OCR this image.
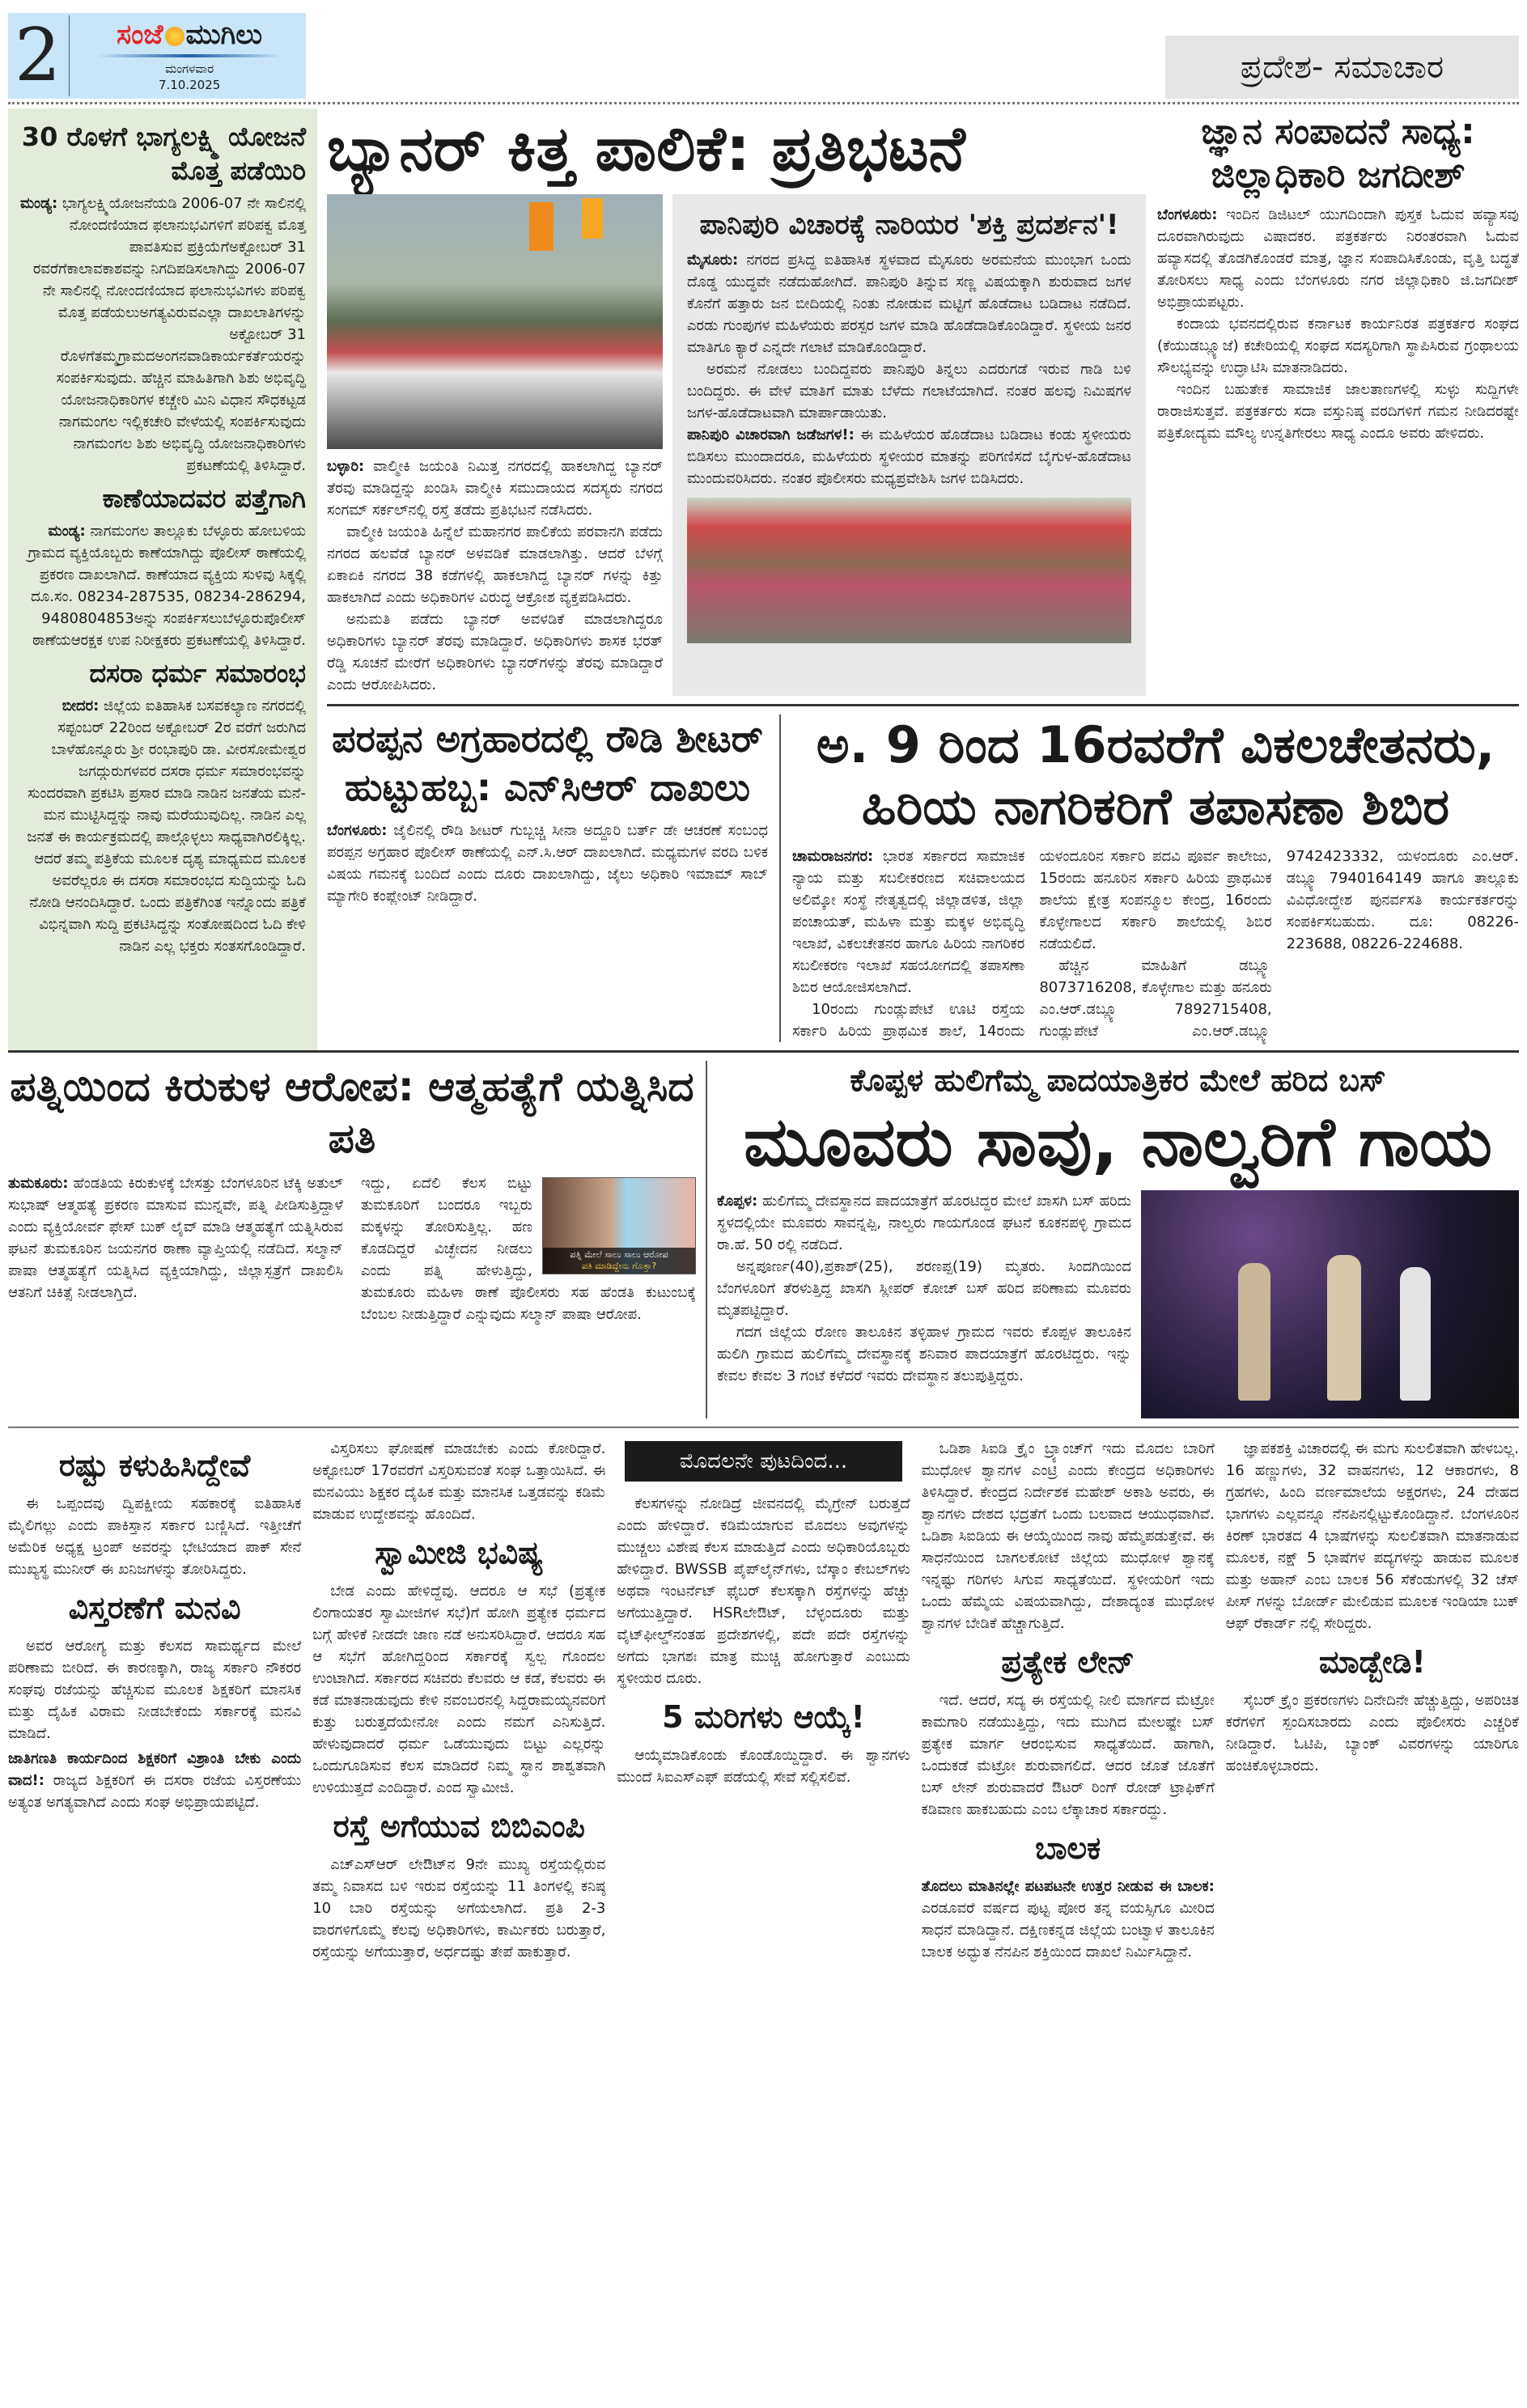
2	ಸಂಜೆ ಮುಗಿಲು
ಮಂಗಳವಾರ
7.10.2025	ಪ್ರದೇಶ- ಸಮಾಚಾರ
30 ರೊಳಗೆ ಭಾಗ್ಯಲಕ್ಷ್ಮಿ ಯೋಜನೆ ಮೊತ್ತ ಪಡೆಯಿರಿ

ಮಂಡ್ಯ: ಭಾಗ್ಯಲಕ್ಷ್ಮಿಯೋಜನೆಯಡಿ 2006-07 ನೇ ಸಾಲಿನಲ್ಲಿ ನೋಂದಣಿಯಾದ ಫಲಾನುಭವಿಗಳಿಗೆ ಪರಿಪಕ್ವ ಮೊತ್ತ ಪಾವತಿಸುವ ಪ್ರಕ್ರಿಯೆಗೆಅಕ್ಟೋಬರ್ 31 ರವರೆಗೆಕಾಲಾವಕಾಶವನ್ನು ನಿಗದಿಪಡಿಸಲಾಗಿದ್ದು 2006-07 ನೇ ಸಾಲಿನಲ್ಲಿ ನೋಂದಣಿಯಾದ ಫಲಾನುಭವಿಗಳು ಪರಿಪಕ್ವ ಮೊತ್ತ ಪಡೆಯಲುಅಗತ್ಯವಿರುವಎಲ್ಲಾ ದಾಖಲಾತಿಗಳನ್ನು ಅಕ್ಟೋಬರ್ 31 ರೊಳಗೆತಮ್ಮಗ್ರಾಮದಅಂಗನವಾಡಿಕಾರ್ಯಕರ್ತೆಯರನ್ನು ಸಂಪರ್ಕಿಸುವುದು. ಹೆಚ್ಚಿನ ಮಾಹಿತಿಗಾಗಿ ಶಿಶು ಅಭಿವೃದ್ಧಿ ಯೋಜನಾಧಿಕಾರಿಗಳ ಕಚ್ಚೇರಿ ಮಿನಿ ವಿಧಾನ ಸೌಧಕಟ್ಟಡ ನಾಗಮಂಗಲ ಇಲ್ಲಿಕಚೇರಿ ವೇಳೆಯಲ್ಲಿ ಸಂಪರ್ಕಿಸುವುದು ನಾಗಮಂಗಲ ಶಿಶು ಅಭಿವೃದ್ಧಿ ಯೋಜನಾಧಿಕಾರಿಗಳು ಪ್ರಕಟಣೆಯಲ್ಲಿ ತಿಳಿಸಿದ್ದಾರೆ.

ಕಾಣೆಯಾದವರ ಪತ್ತೆಗಾಗಿ

ಮಂಡ್ಯ: ನಾಗಮಂಗಲ ತಾಲ್ಲೂಕು ಬೆಳ್ಳೂರು ಹೋಬಳಿಯ ಗ್ರಾಮದ ವ್ಯಕ್ತಿಯೊಬ್ಬರು ಕಾಣೆಯಾಗಿದ್ದು ಪೊಲೀಸ್ ಠಾಣೆಯಲ್ಲಿ ಪ್ರಕರಣ ದಾಖಲಾಗಿದೆ. ಕಾಣೆಯಾದ ವ್ಯಕ್ತಿಯ ಸುಳಿವು ಸಿಕ್ಕಲ್ಲಿ ದೂ.ಸಂ. 08234-287535, 08234-286294, 9480804853ಅನ್ನು ಸಂಪರ್ಕಿಸಲುಬೆಳ್ಳೂರುಪೊಲೀಸ್ ಠಾಣೆಯಆರಕ್ಷಕ ಉಪ ನಿರೀಕ್ಷಕರು ಪ್ರಕಟಣೆಯಲ್ಲಿ ತಿಳಿಸಿದ್ದಾರೆ.

ದಸರಾ ಧರ್ಮ ಸಮಾರಂಭ

ಬೀದರ: ಜಿಲ್ಲೆಯ ಐತಿಹಾಸಿಕ ಬಸವಕಲ್ಯಾಣ ನಗರದಲ್ಲಿ ಸಪ್ಟಂಬರ್ 22ರಿಂದ ಅಕ್ಟೋಬರ್ 2ರ ವರೆಗೆ ಜರುಗಿದ ಬಾಳೆಹೊನ್ನೂರು ಶ್ರೀ ರಂಭಾಪುರಿ ಡಾ. ವೀರಸೋಮೇಶ್ವರ ಜಗದ್ಗುರುಗಳವರ ದಸರಾ ಧರ್ಮ ಸಮಾರಂಭವನ್ನು ಸುಂದರವಾಗಿ ಪ್ರಕಟಿಸಿ ಪ್ರಸಾರ ಮಾಡಿ ನಾಡಿನ ಜನತೆಯ ಮನೆ-ಮನ ಮುಟ್ಟಿಸಿದ್ದನ್ನು ನಾವು ಮರೆಯುವುದಿಲ್ಲ. ನಾಡಿನ ಎಲ್ಲ ಜನತೆ ಈ ಕಾರ್ಯಕ್ರಮದಲ್ಲಿ ಪಾಲ್ಗೊಳ್ಳಲು ಸಾಧ್ಯವಾಗಿರಲಿಕ್ಕಿಲ್ಲ. ಆದರೆ ತಮ್ಮ ಪತ್ರಿಕೆಯ ಮೂಲಕ ದೃಶ್ಯ ಮಾಧ್ಯಮದ ಮೂಲಕ ಅವರೆಲ್ಲರೂ ಈ ದಸರಾ ಸಮಾರಂಭದ ಸುದ್ದಿಯನ್ನು ಓದಿ ನೋಡಿ ಆನಂದಿಸಿದ್ದಾರೆ. ಒಂದು ಪತ್ರಿಕೆಗಿಂತ ಇನ್ನೊಂದು ಪತ್ರಿಕೆ ವಿಭಿನ್ನವಾಗಿ ಸುದ್ದಿ ಪ್ರಕಟಿಸಿದ್ದನ್ನು ಸಂತೋಷದಿಂದ ಓದಿ ಕೇಳಿ ನಾಡಿನ ಎಲ್ಲ ಭಕ್ತರು ಸಂತಸಗೊಂಡಿದ್ದಾರೆ.

ಬ್ಯಾನರ್ ಕಿತ್ತ ಪಾಲಿಕೆ: ಪ್ರತಿಭಟನೆ

ಬಳ್ಳಾರಿ: ವಾಲ್ಮೀಕಿ ಜಯಂತಿ ನಿಮಿತ್ತ ನಗರದಲ್ಲಿ ಹಾಕಲಾಗಿದ್ದ ಬ್ಯಾನರ್ ತೆರವು ಮಾಡಿದ್ದನ್ನು ಖಂಡಿಸಿ ವಾಲ್ಮೀಕಿ ಸಮುದಾಯದ ಸದಸ್ಯರು ನಗರದ ಸಂಗಮ್ ಸರ್ಕಲ್‌ನಲ್ಲಿ ರಸ್ತೆ ತಡೆದು ಪ್ರತಿಭಟನೆ ನಡೆಸಿದರು.

ವಾಲ್ಮೀಕಿ ಜಯಂತಿ ಹಿನ್ನೆಲೆ ಮಹಾನಗರ ಪಾಲಿಕೆಯ ಪರವಾನಗಿ ಪಡೆದು ನಗರದ ಹಲವೆಡೆ ಬ್ಯಾನರ್ ಅಳವಡಿಕೆ ಮಾಡಲಾಗಿತ್ತು. ಆದರೆ ಬೆಳಗ್ಗೆ ಏಕಾಏಕಿ ನಗರದ 38 ಕಡೆಗಳಲ್ಲಿ ಹಾಕಲಾಗಿದ್ದ ಬ್ಯಾನರ್ ಗಳನ್ನು ಕಿತ್ತು ಹಾಕಲಾಗಿದೆ ಎಂದು ಅಧಿಕಾರಿಗಳ ವಿರುದ್ಧ ಆಕ್ರೋಶ ವ್ಯಕ್ತಪಡಿಸಿದರು.

ಅನುಮತಿ ಪಡೆದು ಬ್ಯಾನರ್ ಅವಳಡಿಕೆ ಮಾಡಲಾಗಿದ್ದರೂ ಅಧಿಕಾರಿಗಳು ಬ್ಯಾನರ್ ತೆರವು ಮಾಡಿದ್ದಾರೆ. ಅಧಿಕಾರಿಗಳು ಶಾಸಕ ಭರತ್ ರೆಡ್ಡಿ ಸೂಚನೆ ಮೇರೆಗೆ ಅಧಿಕಾರಿಗಳು ಬ್ಯಾನರ್‌ಗಳನ್ನು ತೆರವು ಮಾಡಿದ್ದಾರೆ ಎಂದು ಆರೋಪಿಸಿದರು.

ಪಾನಿಪುರಿ ವಿಚಾರಕ್ಕೆ ನಾರಿಯರ 'ಶಕ್ತಿ ಪ್ರದರ್ಶನ'!

ಮೈಸೂರು: ನಗರದ ಪ್ರಸಿದ್ಧ ಐತಿಹಾಸಿಕ ಸ್ಥಳವಾದ ಮೈಸೂರು ಅರಮನೆಯ ಮುಂಭಾಗ ಒಂದು ದೊಡ್ಡ ಯುದ್ಧವೇ ನಡೆದುಹೋಗಿದೆ. ಪಾನಿಪುರಿ ತಿನ್ನುವ ಸಣ್ಣ ವಿಷಯಕ್ಕಾಗಿ ಶುರುವಾದ ಜಗಳ ಕೊನೆಗೆ ಹತ್ತಾರು ಜನ ಬೀದಿಯಲ್ಲಿ ನಿಂತು ನೋಡುವ ಮಟ್ಟಿಗೆ ಹೊಡೆದಾಟ ಬಡಿದಾಟ ನಡೆದಿದೆ. ಎರಡು ಗುಂಪುಗಳ ಮಹಿಳೆಯರು ಪರಸ್ಪರ ಜಗಳ ಮಾಡಿ ಹೊಡೆದಾಡಿಕೊಂಡಿದ್ದಾರೆ. ಸ್ಥಳೀಯ ಜನರ ಮಾತಿಗೂ ಕ್ಯಾರೆ ಎನ್ನದೇ ಗಲಾಟೆ ಮಾಡಿಕೊಂಡಿದ್ದಾರೆ.

ಅರಮನೆ ನೋಡಲು ಬಂದಿದ್ದವರು ಪಾನಿಪುರಿ ತಿನ್ನಲು ಎದರುಗಡೆ ಇರುವ ಗಾಡಿ ಬಳಿ ಬಂದಿದ್ದರು. ಈ ವೇಳೆ ಮಾತಿಗೆ ಮಾತು ಬೆಳೆದು ಗಲಾಟೆಯಾಗಿದೆ. ನಂತರ ಹಲವು ನಿಮಿಷಗಳ ಜಗಳ-ಹೊಡೆದಾಟವಾಗಿ ಮಾರ್ಪಾಡಾಯಿತು.

ಪಾನಿಪುರಿ ವಿಚಾರವಾಗಿ ಜಡೆಜಗಳ!: ಈ ಮಹಿಳೆಯರ ಹೊಡೆದಾಟ ಬಡಿದಾಟ ಕಂಡು ಸ್ಥಳೀಯರು ಬಿಡಿಸಲು ಮುಂದಾದರೂ, ಮಹಿಳೆಯರು ಸ್ಥಳೀಯರ ಮಾತನ್ನು ಪರಿಗಣಿಸದೆ ಬೈಗುಳ-ಹೊಡೆದಾಟ ಮುಂದುವರಿಸಿದರು. ನಂತರ ಪೊಲೀಸರು ಮಧ್ಯಪ್ರವೇಶಿಸಿ ಜಗಳ ಬಿಡಿಸಿದರು.

ಜ್ಞಾನ ಸಂಪಾದನೆ ಸಾಧ್ಯ: ಜಿಲ್ಲಾಧಿಕಾರಿ ಜಗದೀಶ್

ಬೆಂಗಳೂರು: ಇಂದಿನ ಡಿಜಿಟಲ್ ಯುಗದಿಂದಾಗಿ ಪುಸ್ತಕ ಓದುವ ಹವ್ಯಾಸವು ದೂರವಾಗಿರುವುದು ವಿಷಾದಕರ. ಪತ್ರಕರ್ತರು ನಿರಂತರವಾಗಿ ಓದುವ ಹವ್ಯಾಸದಲ್ಲಿ ತೊಡಗಿಕೊಂಡರೆ ಮಾತ್ರ, ಜ್ಞಾನ ಸಂಪಾದಿಸಿಕೊಂಡು, ವೃತ್ತಿ ಬದ್ಧತೆ ತೋರಿಸಲು ಸಾಧ್ಯ ಎಂದು ಬೆಂಗಳೂರು ನಗರ ಜಿಲ್ಲಾಧಿಕಾರಿ ಜಿ.ಜಗದೀಶ್ ಅಭಿಪ್ರಾಯಪಟ್ಟರು.

ಕಂದಾಯ ಭವನದಲ್ಲಿರುವ ಕರ್ನಾಟಕ ಕಾರ್ಯನಿರತ ಪತ್ರಕರ್ತರ ಸಂಘದ (ಕೆಯುಡಬ್ಲ್ಯೂಜೆ) ಕಚೇರಿಯಲ್ಲಿ ಸಂಘದ ಸದಸ್ಯರಿಗಾಗಿ ಸ್ಥಾಪಿಸಿರುವ ಗ್ರಂಥಾಲಯ ಸೌಲಭ್ಯವನ್ನು ಉದ್ಘಾಟಿಸಿ ಮಾತನಾಡಿದರು.

ಇಂದಿನ ಬಹುತೇಕ ಸಾಮಾಜಿಕ ಜಾಲತಾಣಗಳಲ್ಲಿ ಸುಳ್ಳು ಸುದ್ದಿಗಳೇ ರಾರಾಜಿಸುತ್ತವೆ. ಪತ್ರಕರ್ತರು ಸದಾ ವಸ್ತುನಿಷ್ಠ ವರದಿಗಳಿಗೆ ಗಮನ ನೀಡಿದರಷ್ಟೇ ಪತ್ರಿಕೋದ್ಯಮ ಮೌಲ್ಯ ಉನ್ನತಿಗೇರಲು ಸಾಧ್ಯ ಎಂದೂ ಅವರು ಹೇಳಿದರು.

ಪರಪ್ಪನ ಅಗ್ರಹಾರದಲ್ಲಿ ರೌಡಿ ಶೀಟರ್ ಹುಟ್ಟುಹಬ್ಬ: ಎನ್‌ಸಿಆರ್ ದಾಖಲು

ಬೆಂಗಳೂರು: ಜೈಲಿನಲ್ಲಿ ರೌಡಿ ಶೀಟರ್ ಗುಬ್ಬಚ್ಚಿ ಸೀನಾ ಅದ್ದೂರಿ ಬರ್ತ್ ಡೇ ಆಚರಣೆ ಸಂಬಂಧ ಪರಪ್ಪನ ಅಗ್ರಹಾರ ಪೊಲೀಸ್ ಠಾಣೆಯಲ್ಲಿ ಎನ್.ಸಿ.ಆರ್ ದಾಖಲಾಗಿದೆ. ಮಧ್ಯಮಗಳ ವರದಿ ಬಳಿಕ ವಿಷಯ ಗಮನಕ್ಕೆ ಬಂದಿದೆ ಎಂದು ದೂರು ದಾಖಲಾಗಿದ್ದು, ಜೈಲು ಅಧಿಕಾರಿ ಇಮಾಮ್ ಸಾಬ್ ಮ್ಯಾಗೇರಿ ಕಂಪ್ಲೇಂಟ್ ನೀಡಿದ್ದಾರೆ.

ಅ. 9 ರಿಂದ 16ರವರೆಗೆ ವಿಕಲಚೇತನರು, ಹಿರಿಯ ನಾಗರಿಕರಿಗೆ ತಪಾಸಣಾ ಶಿಬಿರ

ಚಾಮರಾಜನಗರ: ಭಾರತ ಸರ್ಕಾರದ ಸಾಮಾಜಿಕ ನ್ಯಾಯ ಮತ್ತು ಸಬಲೀಕರಣದ ಸಚಿವಾಲಯದ ಅಲಿಮ್ಕೋ ಸಂಸ್ಥೆ ನೇತೃತ್ವದಲ್ಲಿ ಜಿಲ್ಲಾಡಳಿತ, ಜಿಲ್ಲಾ ಪಂಚಾಯತ್, ಮಹಿಳಾ ಮತ್ತು ಮಕ್ಕಳ ಅಭಿವೃದ್ಧಿ ಇಲಾಖೆ, ವಿಕಲಚೇತನರ ಹಾಗೂ ಹಿರಿಯ ನಾಗರಿಕರ ಸಬಲೀಕರಣ ಇಲಾಖೆ ಸಹಯೋಗದಲ್ಲಿ ತಪಾಸಣಾ ಶಿಬಿರ ಆಯೋಜಿಸಲಾಗಿದೆ.

10ರಂದು ಗುಂಡ್ಲುಪೇಟೆ ಊಟಿ ರಸ್ತೆಯ ಸರ್ಕಾರಿ ಹಿರಿಯ ಪ್ರಾಥಮಿಕ ಶಾಲೆ, 14ರಂದು ಯಳಂದೂರಿನ ಸರ್ಕಾರಿ ಪದವಿ ಪೂರ್ವ ಕಾಲೇಜು, 15ರಂದು ಹನೂರಿನ ಸರ್ಕಾರಿ ಹಿರಿಯ ಪ್ರಾಥಮಿಕ ಶಾಲೆಯ ಕ್ಷೇತ್ರ ಸಂಪನ್ಮೂಲ ಕೇಂದ್ರ, 16ರಂದು ಕೊಳ್ಳೇಗಾಲದ ಸರ್ಕಾರಿ ಶಾಲೆಯಲ್ಲಿ ಶಿಬಿರ ನಡೆಯಲಿದೆ.

ಹೆಚ್ಚಿನ ಮಾಹಿತಿಗೆ ಡಬ್ಲ್ಯೂ 8073716208, ಕೊಳ್ಳೇಗಾಲ ಮತ್ತು ಹನೂರು ಎಂ.ಆರ್.ಡಬ್ಲ್ಯೂ 7892715408, ಗುಂಡ್ಲುಪೇಟೆ ಎಂ.ಆರ್.ಡಬ್ಲ್ಯೂ 9742423332, ಯಳಂದೂರು ಎಂ.ಆರ್. ಡಬ್ಲ್ಯೂ 7940164149 ಹಾಗೂ ತಾಲ್ಲೂಕು ವಿವಿಧೋದ್ದೇಶ ಪುನರ್ವಸತಿ ಕಾರ್ಯಕರ್ತರನ್ನು ಸಂಪರ್ಕಿಸಬಹುದು. ದೂ: 08226-223688, 08226-224688.

ಪತ್ನಿಯಿಂದ ಕಿರುಕುಳ ಆರೋಪ: ಆತ್ಮಹತ್ಯೆಗೆ ಯತ್ನಿಸಿದ ಪತಿ

ತುಮಕೂರು: ಹೆಂಡತಿಯ ಕಿರುಕುಳಕ್ಕೆ ಬೇಸತ್ತು ಬೆಂಗಳೂರಿನ ಟೆಕ್ಕಿ ಅತುಲ್ ಸುಭಾಷ್ ಆತ್ಮಹತ್ಯೆ ಪ್ರಕರಣ ಮಾಸುವ ಮುನ್ನವೇ, ಪತ್ನಿ ಪೀಡಿಸುತ್ತಿದ್ದಾಳೆ ಎಂದು ವ್ಯಕ್ತಿಯೋರ್ವ ಫೇಸ್ ಬುಕ್ ಲೈವ್ ಮಾಡಿ ಆತ್ಮಹತ್ಯೆಗೆ ಯತ್ನಿಸಿರುವ ಘಟನೆ ತುಮಕೂರಿನ ಜಯನಗರ ಠಾಣಾ ವ್ಯಾಪ್ತಿಯಲ್ಲಿ ನಡೆದಿದೆ. ಸಲ್ಮಾನ್ ಪಾಷಾ ಆತ್ಮಹತ್ಯೆಗೆ ಯತ್ನಿಸಿದ ವ್ಯಕ್ತಿಯಾಗಿದ್ದು, ಜಿಲ್ಲಾಸ್ಪತ್ರೆಗೆ ದಾಖಲಿಸಿ ಆತನಿಗೆ ಚಿಕಿತ್ಸೆ ನೀಡಲಾಗ್ತಿದೆ.

ಪತ್ನಿ ಮೇಲೆ ಸಾಲು ಸಾಲು ಆರೋಪ
ಪತಿ ಮಾಡಿದ್ದೇನು ಗೊತ್ತಾ?

ಇದ್ದು, ಏದೆಲಿ ಕೆಲಸ ಬಿಟ್ಟು ತುಮಕೂರಿಗೆ ಬಂದರೂ ಇಬ್ಬರು ಮಕ್ಕಳನ್ನು ತೋರಿಸುತ್ತಿಲ್ಲ. ಹಣ ಕೊಡದಿದ್ದರೆ ವಿಚ್ಛೇದನ ನೀಡಲು ಎಂದು ಪತ್ನಿ ಹೇಳುತ್ತಿದ್ದು, ತುಮಕೂರು ಮಹಿಳಾ ಠಾಣೆ ಪೊಲೀಸರು ಸಹ ಹೆಂಡತಿ ಕುಟುಂಬಕ್ಕೆ ಬೆಂಬಲ ನೀಡುತ್ತಿದ್ದಾರೆ ಎನ್ನುವುದು ಸಲ್ಮಾನ್ ಪಾಷಾ ಆರೋಪ.

ಕೊಪ್ಪಳ ಹುಲಿಗೆಮ್ಮ ಪಾದಯಾತ್ರಿಕರ ಮೇಲೆ ಹರಿದ ಬಸ್
ಮೂವರು ಸಾವು, ನಾಲ್ವರಿಗೆ ಗಾಯ

ಕೊಪ್ಪಳ: ಹುಲಿಗೆಮ್ಮ ದೇವಸ್ಥಾನದ ಪಾದಯಾತ್ರೆಗೆ ಹೊರಟಿದ್ದರ ಮೇಲೆ ಖಾಸಗಿ ಬಸ್ ಹರಿದು ಸ್ಥಳದಲ್ಲಿಯೇ ಮೂವರು ಸಾವನ್ನಪ್ಪಿ, ನಾಲ್ವರು ಗಾಯಗೊಂಡ ಘಟನೆ ಕೂಕನಪಳ್ಳಿ ಗ್ರಾಮದ ರಾ.ಹೆ. 50 ರಲ್ಲಿ ನಡೆದಿದೆ.

ಅನ್ನಪೂರ್ಣ(40),ಪ್ರಕಾಶ್(25), ಶರಣಪ್ಪ(19) ಮೃತರು. ಸಿಂದಗಿಯಿಂದ ಬೆಂಗಳೂರಿಗೆ ತೆರಳುತ್ತಿದ್ದ ಖಾಸಗಿ ಸ್ಲೀಪರ್ ಕೋಚ್ ಬಸ್ ಹರಿದ ಪರಿಣಾಮ ಮೂವರು ಮೃತಪಟ್ಟಿದ್ದಾರೆ.

ಗದಗ ಜಿಲ್ಲೆಯ ರೋಣ ತಾಲೂಕಿನ ತಳ್ಳಿಹಾಳ ಗ್ರಾಮದ ಇವರು ಕೊಪ್ಪಳ ತಾಲೂಕಿನ ಹುಲಿಗಿ ಗ್ರಾಮದ ಹುಲಿಗೆಮ್ಮ ದೇವಸ್ಥಾನಕ್ಕೆ ಶನಿವಾರ ಪಾದಯಾತ್ರೆಗೆ ಹೊರಟಿದ್ದರು. ಇನ್ನು ಕೇವಲ ಕೇವಲ 3 ಗಂಟೆ ಕಳೆದರೆ ಇವರು ದೇವಸ್ಥಾನ ತಲುಪುತ್ತಿದ್ದರು.

ರಷ್ಟು ಕಳುಹಿಸಿದ್ದೇವೆ

ಈ ಒಪ್ಪಂದವು ದ್ವಿಪಕ್ಷೀಯ ಸಹಕಾರಕ್ಕೆ ಐತಿಹಾಸಿಕ ಮೈಲಿಗಲ್ಲು ಎಂದು ಪಾಕಿಸ್ತಾನ ಸರ್ಕಾರ ಬಣ್ಣಿಸಿದೆ. ಇತ್ತೀಚೆಗೆ ಅಮೆರಿಕ ಅಧ್ಯಕ್ಷ ಟ್ರಂಪ್ ಅವರನ್ನು ಭೇಟಿಯಾದ ಪಾಕ್ ಸೇನೆ ಮುಖ್ಯಸ್ಥ ಮುನೀರ್ ಈ ಖನಿಜಗಳನ್ನು ತೋರಿಸಿದ್ದರು.

ವಿಸ್ತರಣೆಗೆ ಮನವಿ

ಅವರ ಆರೋಗ್ಯ ಮತ್ತು ಕೆಲಸದ ಸಾಮರ್ಥ್ಯದ ಮೇಲೆ ಪರಿಣಾಮ ಬೀರಿದೆ. ಈ ಕಾರಣಕ್ಕಾಗಿ, ರಾಜ್ಯ ಸರ್ಕಾರಿ ನೌಕರರ ಸಂಘವು ರಜೆಯನ್ನು ಹೆಚ್ಚಿಸುವ ಮೂಲಕ ಶಿಕ್ಷಕರಿಗೆ ಮಾನಸಿಕ ಮತ್ತು ದೈಹಿಕ ವಿರಾಮ ನೀಡಬೇಕೆಂದು ಸರ್ಕಾರಕ್ಕೆ ಮನವಿ ಮಾಡಿದೆ.

ಜಾತಿಗಣತಿ ಕಾರ್ಯದಿಂದ ಶಿಕ್ಷಕರಿಗೆ ವಿಶ್ರಾಂತಿ ಬೇಕು ಎಂದು ವಾದ!: ರಾಜ್ಯದ ಶಿಕ್ಷಕರಿಗೆ ಈ ದಸರಾ ರಜೆಯ ವಿಸ್ತರಣೆಯು ಅತ್ಯಂತ ಅಗತ್ಯವಾಗಿದೆ ಎಂದು ಸಂಘ ಅಭಿಪ್ರಾಯಪಟ್ಟಿದೆ.

ವಿಸ್ತರಿಸಲು ಘೋಷಣೆ ಮಾಡಬೇಕು ಎಂದು ಕೋರಿದ್ದಾರೆ. ಅಕ್ಟೋಬರ್ 17ರವರೆಗೆ ವಿಸ್ತರಿಸುವಂತೆ ಸಂಘ ಒತ್ತಾಯಿಸಿದೆ. ಈ ಮನವಿಯು ಶಿಕ್ಷಕರ ದೈಹಿಕ ಮತ್ತು ಮಾನಸಿಕ ಒತ್ತಡವನ್ನು ಕಡಿಮೆ ಮಾಡುವ ಉದ್ದೇಶವನ್ನು ಹೊಂದಿದೆ.

ಸ್ವಾಮೀಜಿ ಭವಿಷ್ಯ

ಬೇಡ ಎಂದು ಹೇಳಿದ್ದೆವು. ಆದರೂ ಆ ಸಭೆ (ಪ್ರತ್ಯೇಕ ಲಿಂಗಾಯತರ ಸ್ವಾಮೀಜಿಗಳ ಸಭೆ)ಗೆ ಹೋಗಿ ಪ್ರತ್ಯೇಕ ಧರ್ಮದ ಬಗ್ಗೆ ಹೇಳಿಕೆ ನೀಡದೇ ಜಾಣ ನಡೆ ಅನುಸರಿಸಿದ್ದಾರೆ. ಆದರೂ ಸಹ ಆ ಸಭೆಗೆ ಹೋಗಿದ್ದರಿಂದ ಸರ್ಕಾರಕ್ಕೆ ಸ್ವಲ್ಪ ಗೊಂದಲ ಉಂಟಾಗಿದೆ. ಸರ್ಕಾರದ ಸಚಿವರು ಕೆಲವರು ಆ ಕಡೆ, ಕೆಲವರು ಈ ಕಡೆ ಮಾತನಾಡುವುದು ಕೇಳಿ ನವಂಬರನಲ್ಲಿ ಸಿದ್ದರಾಮಯ್ಯನವರಿಗೆ ಕುತ್ತು ಬರುತ್ತದೆಯೇನೋ ಎಂದು ನಮಗೆ ಎನಿಸುತ್ತಿದೆ. ಹೇಳುವುದಾದರೆ ಧರ್ಮ ಒಡೆಯುವುದು ಬಿಟ್ಟು ಎಲ್ಲರನ್ನು ಒಂದುಗೂಡಿಸುವ ಕೆಲಸ ಮಾಡಿದರೆ ನಿಮ್ಮ ಸ್ಥಾನ ಶಾಶ್ವತವಾಗಿ ಉಳಿಯುತ್ತದೆ ಎಂದಿದ್ದಾರೆ. ಎಂದ ಸ್ವಾಮೀಜಿ.

ರಸ್ತೆ ಅಗೆಯುವ ಬಿಬಿಎಂಪಿ

ಎಚ್‌ಎಸ್‌ಆರ್ ಲೇಔಟ್‌ನ 9ನೇ ಮುಖ್ಯ ರಸ್ತೆಯಲ್ಲಿರುವ ತಮ್ಮ ನಿವಾಸದ ಬಳಿ ಇರುವ ರಸ್ತೆಯನ್ನು 11 ತಿಂಗಳಲ್ಲಿ ಕನಿಷ್ಠ 10 ಬಾರಿ ರಸ್ತೆಯನ್ನು ಅಗೆಯಲಾಗಿದೆ. ಪ್ರತಿ 2-3 ವಾರಗಳಿಗೊಮ್ಮೆ ಕೆಲವು ಅಧಿಕಾರಿಗಳು, ಕಾರ್ಮಿಕರು ಬರುತ್ತಾರೆ, ರಸ್ತೆಯನ್ನು ಅಗೆಯುತ್ತಾರೆ, ಅರ್ಧದಷ್ಟು ತೇಪೆ ಹಾಕುತ್ತಾರೆ.

ಮೊದಲನೇ ಪುಟದಿಂದ...

ಕೆಲಸಗಳನ್ನು ನೋಡಿದ್ರೆ ಜೀವನದಲ್ಲಿ ಮೈಗ್ರೇನ್ ಬರುತ್ತದೆ ಎಂದು ಹೇಳಿದ್ದಾರೆ. ಕಡಿಮೆಯಾಗುವ ಮೊದಲು ಅವುಗಳನ್ನು ಮುಚ್ಚಲು ವಿಶೇಷ ಕೆಲಸ ಮಾಡುತ್ತಿದೆ ಎಂದು ಅಧಿಕಾರಿಯೊಬ್ಬರು ಹೇಳಿದ್ದಾರೆ. BWSSB ಪೈಪ್‌ಲೈನ್‌ಗಳು, ಬೆಸ್ಕಾಂ ಕೇಬಲ್‌ಗಳು ಅಥವಾ ಇಂಟರ್ನೆಟ್ ಫೈಬರ್ ಕೆಲಸಕ್ಕಾಗಿ ರಸ್ತೆಗಳನ್ನು ಹೆಚ್ಚು ಅಗೆಯುತ್ತಿದ್ದಾರೆ. HSRಲೇಔಟ್, ಬೆಳ್ಳಂದೂರು ಮತ್ತು ವೈಟ್‌ಫೀಲ್ಡ್‌ನಂತಹ ಪ್ರದೇಶಗಳಲ್ಲಿ, ಪದೇ ಪದೇ ರಸ್ತೆಗಳನ್ನು ಅಗೆದು ಭಾಗಶಃ ಮಾತ್ರ ಮುಚ್ಚಿ ಹೋಗುತ್ತಾರೆ ಎಂಬುದು ಸ್ಥಳೀಯರ ದೂರು.

5 ಮರಿಗಳು ಆಯ್ಕೆ!

ಆಯ್ಕೆಮಾಡಿಕೊಂಡು ಕೊಂಡೊಯ್ದಿದ್ದಾರೆ. ಈ ಶ್ವಾನಗಳು ಮುಂದೆ ಸಿಐಎಸ್‌ಎಫ್ ಪಡೆಯಲ್ಲಿ ಸೇವೆ ಸಲ್ಲಿಸಲಿವೆ.

ಒಡಿಶಾ ಸಿಐಡಿ ಕ್ರೈಂ ಬ್ರ್ಯಾಂಚ್‌ಗೆ ಇದು ಮೊದಲ ಬಾರಿಗೆ ಮುಧೋಳ ಶ್ವಾನಗಳ ಎಂಟ್ರಿ ಎಂದು ಕೇಂದ್ರದ ಅಧಿಕಾರಿಗಳು ತಿಳಿಸಿದ್ದಾರೆ. ಕೇಂದ್ರದ ನಿರ್ದೇಶಕ ಮಹೇಶ್ ಅಕಾಶಿ ಅವರು, ಈ ಶ್ವಾನಗಳು ದೇಶದ ಭದ್ರತೆಗೆ ಒಂದು ಬಲವಾದ ಆಯುಧವಾಗಿವೆ. ಒಡಿಶಾ ಸಿಐಡಿಯ ಈ ಆಯ್ಕೆಯಿಂದ ನಾವು ಹೆಮ್ಮೆಪಡುತ್ತೇವೆ. ಈ ಸಾಧನೆಯಿಂದ ಬಾಗಲಕೋಟೆ ಜಿಲ್ಲೆಯ ಮುಧೋಳ ಶ್ವಾನಕ್ಕೆ ಇನ್ನಷ್ಟು ಗರಿಗಳು ಸಿಗುವ ಸಾಧ್ಯತೆಯಿದೆ. ಸ್ಥಳೀಯರಿಗೆ ಇದು ಒಂದು ಹೆಮ್ಮೆಯ ವಿಷಯವಾಗಿದ್ದು, ದೇಶಾದ್ಯಂತ ಮುಧೋಳ ಶ್ವಾನಗಳ ಬೇಡಿಕೆ ಹೆಚ್ಚಾಗುತ್ತಿದೆ.

ಪ್ರತ್ಯೇಕ ಲೇನ್

ಇದೆ. ಆದರೆ, ಸದ್ಯ ಈ ರಸ್ತೆಯಲ್ಲಿ ನೀಲಿ ಮಾರ್ಗದ ಮೆಟ್ರೋ ಕಾಮಗಾರಿ ನಡೆಯುತ್ತಿದ್ದು, ಇದು ಮುಗಿದ ಮೇಲಷ್ಟೇ ಬಸ್ ಪ್ರತ್ಯೇಕ ಮಾರ್ಗ ಆರಂಭಿಸುವ ಸಾಧ್ಯತೆಯಿದೆ. ಹಾಗಾಗಿ, ಒಂದುಕಡೆ ಮೆಟ್ರೋ ಶುರುವಾಗಲಿದೆ. ಆದರ ಜೊತೆ ಜೊತೆಗೆ ಬಸ್ ಲೇನ್ ಶುರುವಾದರೆ ಔಟರ್ ರಿಂಗ್ ರೋಡ್ ಟ್ರಾಫಿಕ್‌ಗೆ ಕಡಿವಾಣ ಹಾಕಬಹುದು ಎಂಬ ಲೆಕ್ಕಾಚಾರ ಸರ್ಕಾರದ್ದು.

ಬಾಲಕ

ತೊದಲು ಮಾತಿನಲ್ಲೇ ಪಟಪಟನೇ ಉತ್ತರ ನೀಡುವ ಈ ಬಾಲಕ: ಎರಡೂವರೆ ವರ್ಷದ ಪುಟ್ಟ ಪೋರ ತನ್ನ ವಯಸ್ಸಿಗೂ ಮೀರಿದ ಸಾಧನೆ ಮಾಡಿದ್ದಾನೆ. ದಕ್ಷಿಣಕನ್ನಡ ಜಿಲ್ಲೆಯ ಬಂಟ್ವಾಳ ತಾಲೂಕಿನ ಬಾಲಕ ಅದ್ಭುತ ನೆನಪಿನ ಶಕ್ತಿಯಿಂದ ದಾಖಲೆ ನಿರ್ಮಿಸಿದ್ದಾನೆ.

ಜ್ಞಾಪಕಶಕ್ತಿ ವಿಚಾರದಲ್ಲಿ ಈ ಮಗು ಸುಲಲಿತವಾಗಿ ಹೇಳಬಲ್ಲ. 16 ಹಣ್ಣುಗಳು, 32 ವಾಹನಗಳು, 12 ಆಕಾರಗಳು, 8 ಗ್ರಹಗಳು, ಹಿಂದಿ ವರ್ಣಮಾಲೆಯ ಅಕ್ಷರಗಳು, 24 ದೇಹದ ಭಾಗಗಳು ಎಲ್ಲವನ್ನೂ ನೆನಪಿನಲ್ಲಿಟ್ಟುಕೊಂಡಿದ್ದಾನೆ. ಬೆಂಗಳೂರಿನ ಕಿರಣ್ ಭಾರತದ 4 ಭಾಷೆಗಳನ್ನು ಸುಲಲಿತವಾಗಿ ಮಾತನಾಡುವ ಮೂಲಕ, ನಕ್ಷ್ 5 ಭಾಷೆಗಳ ಪದ್ಯಗಳನ್ನು ಹಾಡುವ ಮೂಲಕ ಮತ್ತು ಅಹಾನ್ ಎಂಬ ಬಾಲಕ 56 ಸೆಕೆಂಡುಗಳಲ್ಲಿ 32 ಚೆಸ್ ಪೀಸ್ ಗಳನ್ನು ಬೋರ್ಡ್ ಮೇಲಿಡುವ ಮೂಲಕ ಇಂಡಿಯಾ ಬುಕ್ ಆಫ್ ರೆಕಾರ್ಡ್ ನಲ್ಲಿ ಸೇರಿದ್ದರು.

ಮಾಡ್ಬೇಡಿ!

ಸೈಬರ್ ಕ್ರೈಂ ಪ್ರಕರಣಗಳು ದಿನೇದಿನೇ ಹೆಚ್ಚುತ್ತಿದ್ದು, ಅಪರಿಚಿತ ಕರೆಗಳಿಗೆ ಸ್ಪಂದಿಸಬಾರದು ಎಂದು ಪೊಲೀಸರು ಎಚ್ಚರಿಕೆ ನೀಡಿದ್ದಾರೆ. ಓಟಿಪಿ, ಬ್ಯಾಂಕ್ ವಿವರಗಳನ್ನು ಯಾರಿಗೂ ಹಂಚಿಕೊಳ್ಳಬಾರದು.
